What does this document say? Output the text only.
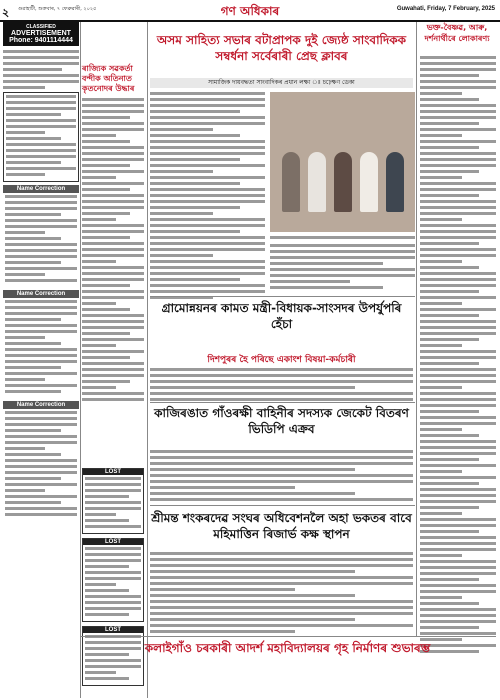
২ গুৱাহাটী, শুক্ৰবাৰ, ৭ ফেব্ৰুৱাৰী, ২০২৫	গণ অধিকাৰ	Guwahati, Friday, 7 February, 2025
CLASSIFIED
ADVERTISEMENT
Phone: 9401114444
Name Correction
Name Correction
Name Correction
ৰাজ্যিক সৱকৰ্তা বন্দীক অতিনাত কৃতনোদৰ উদ্ধাৰ
LOST
LOST
LOST
অসম সাহিত্য সভাৰ বটাপ্ৰাপক দুই জ্যেষ্ঠ সাংবাদিকক সম্বৰ্ধনা সৰ্বেৰাৰী প্ৰেছ ক্লাবৰ
সামাজিক দায়বদ্ধতা সাংবাদিকৰ প্ৰধান লক্ষ্য ঃ চঢ়েক্ষণ ডেকা
গ্ৰামোন্নয়নৰ কামত মন্ত্ৰী-বিধায়ক-সাংসদৰ উপৰ্যুপৰি হেঁচা
দিশপুৰৰ হৈ পৰিছে একাংশ বিষয়া-কৰ্মচাৰী
কাজিৰঙাত গাঁওৰক্ষী বাহিনীৰ সদস্যক জেকেট বিতৰণ ভিডিপি এক্ৰব
শ্ৰীমন্ত শংকৰদেৱ সংঘৰ অধিবেশনলৈ অহা ভকতৰ বাবে মহিমাত্তিন ৰিজাৰ্ভ কক্ষ স্থাপন
ভক্ত-বৈষ্ণৱ, আৰু, দৰ্শনাৰ্থীৰে লোকাৰণ্য
কলাইগাঁও চৰকাৰী আদৰ্শ মহাবিদ্যালয়ৰ গৃহ নিৰ্মাণৰ শুভাৰম্ভ
